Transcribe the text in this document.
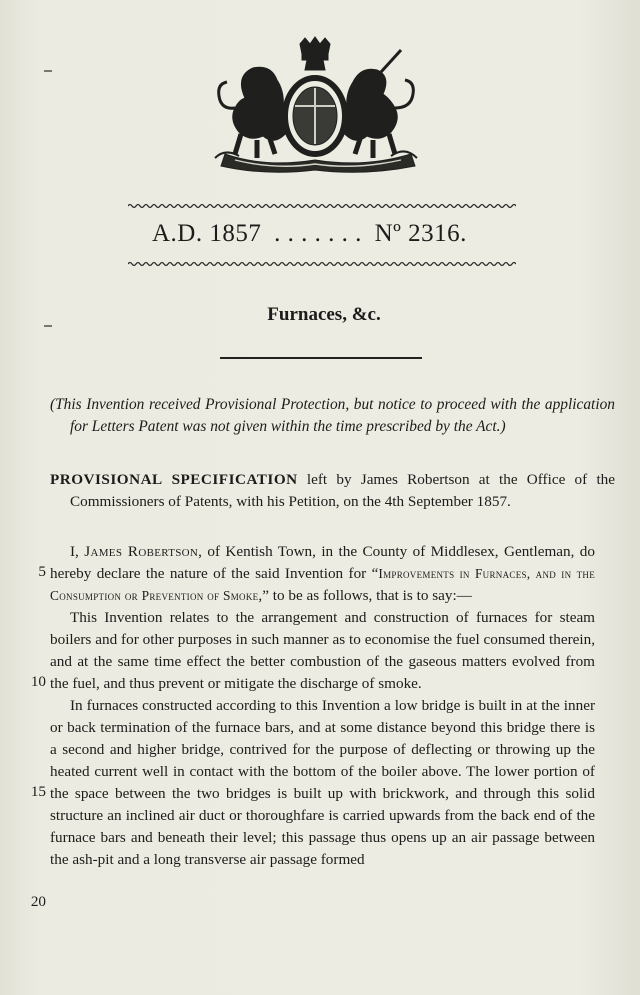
A.D. 1857 . . . . . . . Nº 2316.
Furnaces, &c.
(This Invention received Provisional Protection, but notice to proceed with the application for Letters Patent was not given within the time prescribed by the Act.)
PROVISIONAL SPECIFICATION left by James Robertson at the Office of the Commissioners of Patents, with his Petition, on the 4th September 1857.

I, James Robertson, of Kentish Town, in the County of Middlesex, Gentleman, do hereby declare the nature of the said Invention for “Improvements in Furnaces, and in the Consumption or Prevention of Smoke,” to be as follows, that is to say:—

This Invention relates to the arrangement and construction of furnaces for steam boilers and for other purposes in such manner as to economise the fuel consumed therein, and at the same time effect the better combustion of the gaseous matters evolved from the fuel, and thus prevent or mitigate the discharge of smoke.

In furnaces constructed according to this Invention a low bridge is built in at the inner or back termination of the furnace bars, and at some distance beyond this bridge there is a second and higher bridge, contrived for the purpose of deflecting or throwing up the heated current well in contact with the bottom of the boiler above. The lower portion of the space between the two bridges is built up with brickwork, and through this solid structure an inclined air duct or thoroughfare is carried upwards from the back end of the furnace bars and beneath their level; this passage thus opens up an air passage between the ash-pit and a long transverse air passage formed

5
10
15
20
